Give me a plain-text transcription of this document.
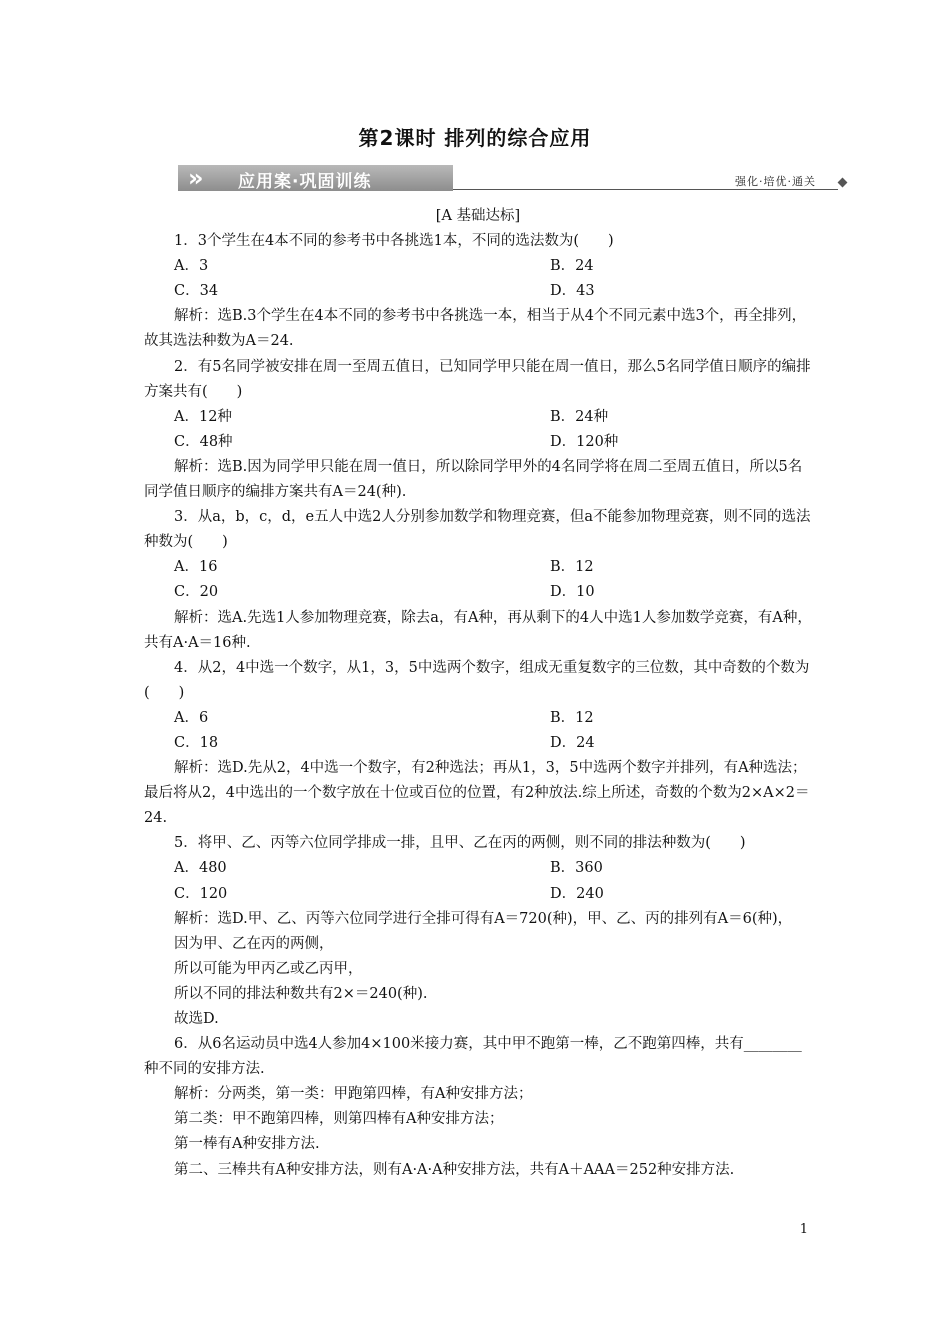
第2课时 排列的综合应用
» 应用案·巩固训练	强化·培优·通关

[A 基础达标]

1．3个学生在4本不同的参考书中各挑选1本，不同的选法数为(　　)

A．3	B．24
C．34	D．43

解析：选B.3个学生在4本不同的参考书中各挑选一本，相当于从4个不同元素中选3个，再全排列，故其选法种数为A＝24.

2．有5名同学被安排在周一至周五值日，已知同学甲只能在周一值日，那么5名同学值日顺序的编排方案共有(　　)

A．12种	B．24种
C．48种	D．120种

解析：选B.因为同学甲只能在周一值日，所以除同学甲外的4名同学将在周二至周五值日，所以5名同学值日顺序的编排方案共有A＝24(种).

3．从a，b，c，d，e五人中选2人分别参加数学和物理竞赛，但a不能参加物理竞赛，则不同的选法种数为(　　)

A．16	B．12
C．20	D．10

解析：选A.先选1人参加物理竞赛，除去a，有A种，再从剩下的4人中选1人参加数学竞赛，有A种，共有A·A＝16种.

4．从2，4中选一个数字，从1，3，5中选两个数字，组成无重复数字的三位数，其中奇数的个数为(　　)

A．6	B．12
C．18	D．24

解析：选D.先从2，4中选一个数字，有2种选法；再从1，3，5中选两个数字并排列，有A种选法；最后将从2，4中选出的一个数字放在十位或百位的位置，有2种放法.综上所述，奇数的个数为2×A×2＝24.

5．将甲、乙、丙等六位同学排成一排，且甲、乙在丙的两侧，则不同的排法种数为(　　)

A．480	B．360
C．120	D．240

解析：选D.甲、乙、丙等六位同学进行全排可得有A＝720(种)，甲、乙、丙的排列有A＝6(种)，

因为甲、乙在丙的两侧，

所以可能为甲丙乙或乙丙甲，

所以不同的排法种数共有2×＝240(种).

故选D.

6．从6名运动员中选4人参加4×100米接力赛，其中甲不跑第一棒，乙不跑第四棒，共有________种不同的安排方法.

解析：分两类，第一类：甲跑第四棒，有A种安排方法；

第二类：甲不跑第四棒，则第四棒有A种安排方法；

第一棒有A种安排方法.

第二、三棒共有A种安排方法，则有A·A·A种安排方法，共有A＋AAA＝252种安排方法.

1
